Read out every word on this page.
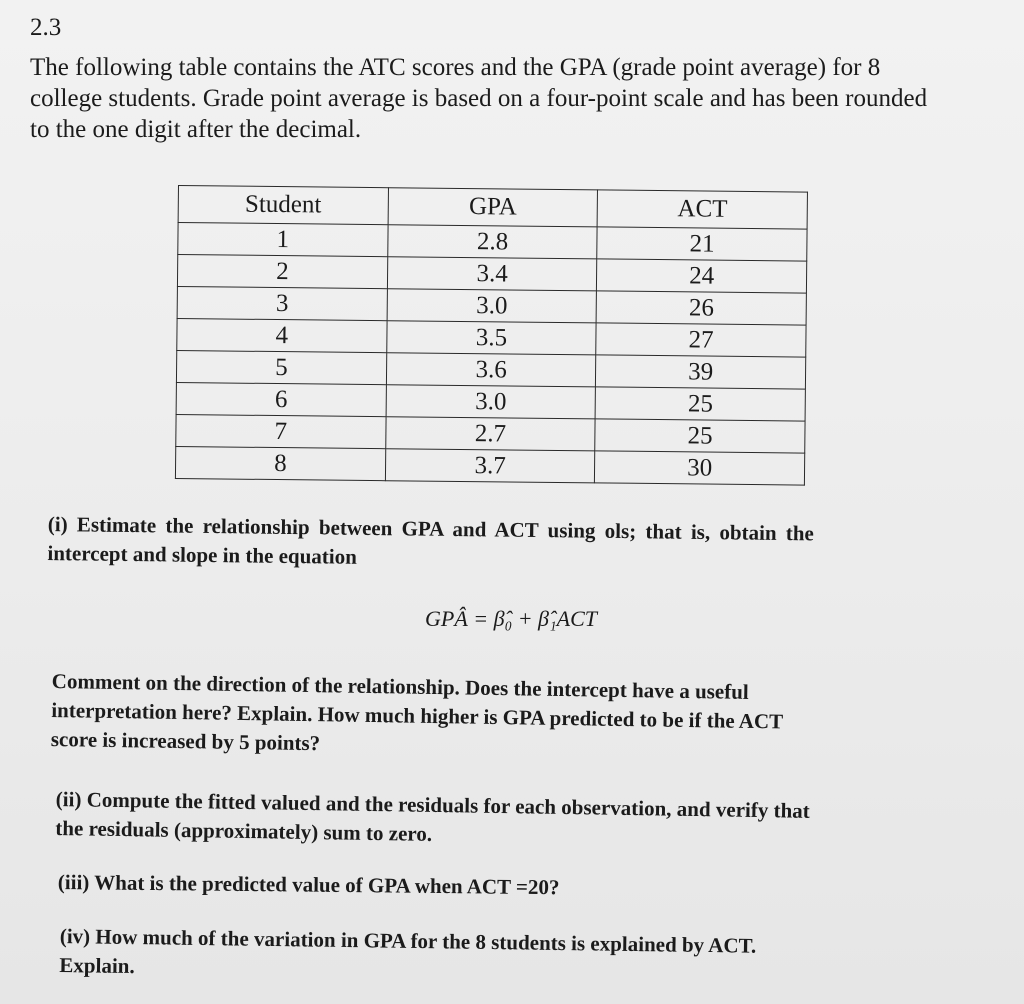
2.3
The following table contains the ATC scores and the GPA (grade point average) for 8
college students. Grade point average is based on a four-point scale and has been rounded
to the one digit after the decimal.
Student	GPA	ACT
1	2.8	21
2	3.4	24
3	3.0	26
4	3.5	27
5	3.6	39
6	3.0	25
7	2.7	25
8	3.7	30
(i) Estimate the relationship between GPA and ACT using ols; that is, obtain the
intercept and slope in the equation
GPÂ = β̂₀ + β̂₁ACT
Comment on the direction of the relationship. Does the intercept have a useful
interpretation here? Explain. How much higher is GPA predicted to be if the ACT
score is increased by 5 points?
(ii) Compute the fitted valued and the residuals for each observation, and verify that
the residuals (approximately) sum to zero.
(iii) What is the predicted value of GPA when ACT =20?
(iv) How much of the variation in GPA for the 8 students is explained by ACT.
Explain.
